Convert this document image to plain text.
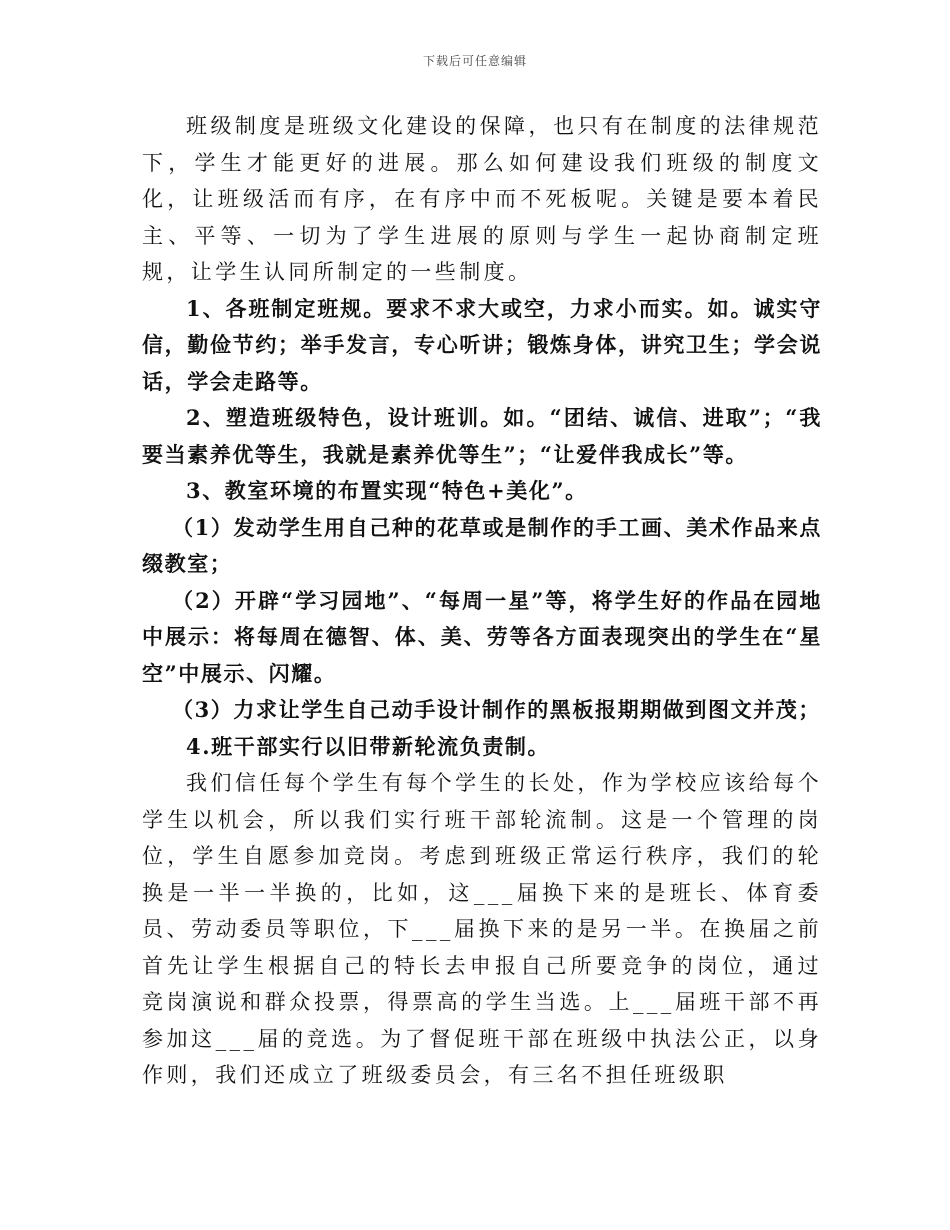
下载后可任意编辑

班级制度是班级文化建设的保障，也只有在制度的法律规范下，学生才能更好的进展。那么如何建设我们班级的制度文化，让班级活而有序，在有序中而不死板呢。关键是要本着民主、平等、一切为了学生进展的原则与学生一起协商制定班规，让学生认同所制定的一些制度。

1、各班制定班规。要求不求大或空，力求小而实。如。诚实守信，勤俭节约；举手发言，专心听讲；锻炼身体，讲究卫生；学会说话，学会走路等。

2、塑造班级特色，设计班训。如。“团结、诚信、进取”；“我要当素养优等生，我就是素养优等生”；“让爱伴我成长”等。

3、教室环境的布置实现“特色+美化”。

（1）发动学生用自己种的花草或是制作的手工画、美术作品来点缀教室；

（2）开辟“学习园地”、“每周一星”等，将学生好的作品在园地中展示：将每周在德智、体、美、劳等各方面表现突出的学生在“星空”中展示、闪耀。

（3）力求让学生自己动手设计制作的黑板报期期做到图文并茂；

4.班干部实行以旧带新轮流负责制。

我们信任每个学生有每个学生的长处，作为学校应该给每个学生以机会，所以我们实行班干部轮流制。这是一个管理的岗位，学生自愿参加竞岗。考虑到班级正常运行秩序，我们的轮换是一半一半换的，比如，这___届换下来的是班长、体育委员、劳动委员等职位，下___届换下来的是另一半。在换届之前首先让学生根据自己的特长去申报自己所要竞争的岗位，通过竞岗演说和群众投票，得票高的学生当选。上___届班干部不再参加这___届的竞选。为了督促班干部在班级中执法公正，以身作则，我们还成立了班级委员会，有三名不担任班级职
